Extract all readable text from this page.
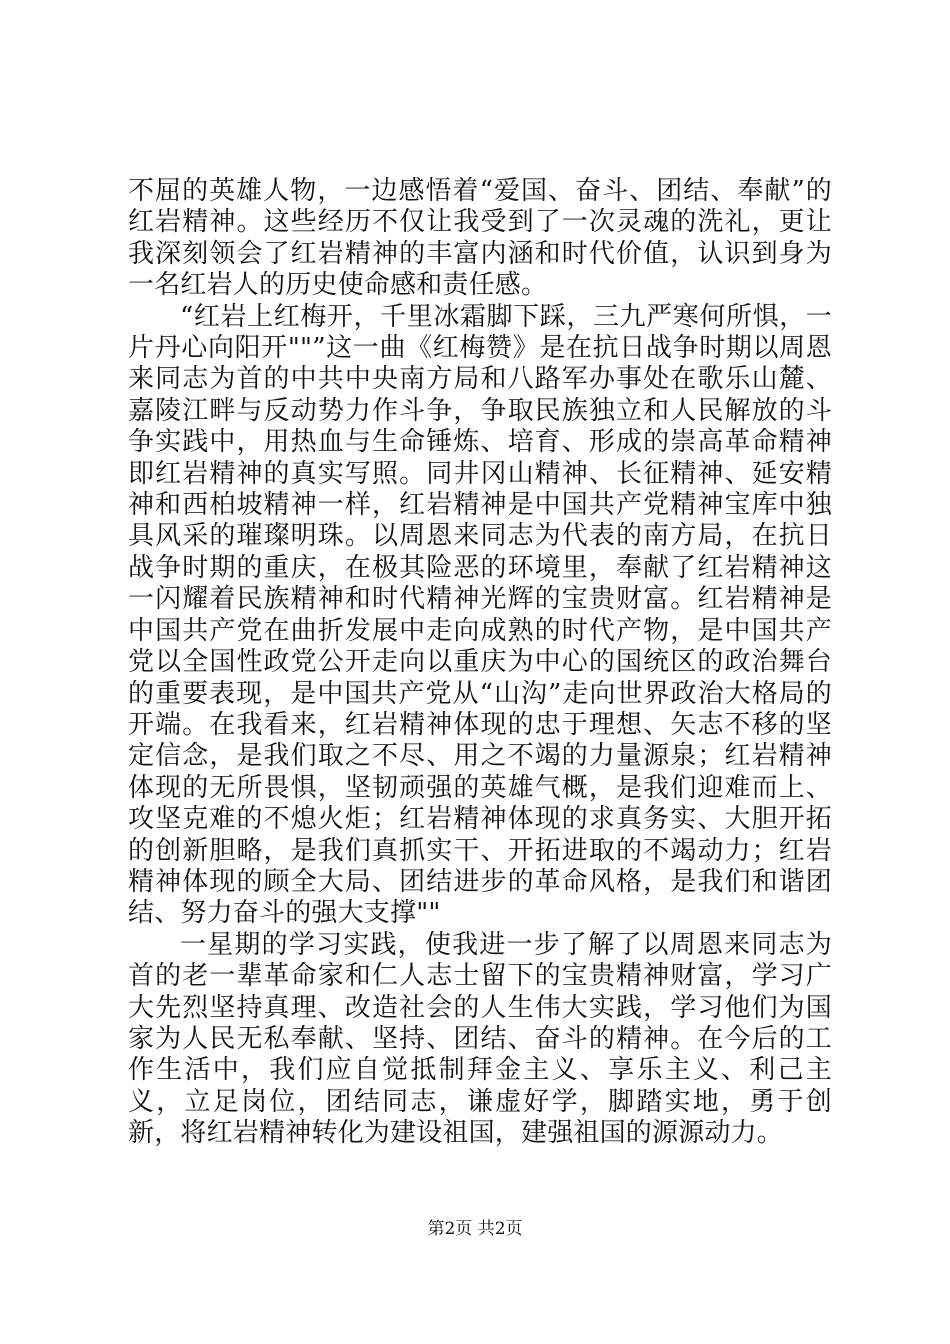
不屈的英雄人物，一边感悟着“爱国、奋斗、团结、奉献”的红岩精神。这些经历不仅让我受到了一次灵魂的洗礼，更让我深刻领会了红岩精神的丰富内涵和时代价值，认识到身为一名红岩人的历史使命感和责任感。

“红岩上红梅开，千里冰霜脚下踩，三九严寒何所惧，一片丹心向阳开""”这一曲《红梅赞》是在抗日战争时期以周恩来同志为首的中共中央南方局和八路军办事处在歌乐山麓、嘉陵江畔与反动势力作斗争，争取民族独立和人民解放的斗争实践中，用热血与生命锤炼、培育、形成的崇高革命精神即红岩精神的真实写照。同井冈山精神、长征精神、延安精神和西柏坡精神一样，红岩精神是中国共产党精神宝库中独具风采的璀璨明珠。以周恩来同志为代表的南方局，在抗日战争时期的重庆，在极其险恶的环境里，奉献了红岩精神这一闪耀着民族精神和时代精神光辉的宝贵财富。红岩精神是中国共产党在曲折发展中走向成熟的时代产物，是中国共产党以全国性政党公开走向以重庆为中心的国统区的政治舞台的重要表现，是中国共产党从“山沟”走向世界政治大格局的开端。在我看来，红岩精神体现的忠于理想、矢志不移的坚定信念，是我们取之不尽、用之不竭的力量源泉；红岩精神体现的无所畏惧，坚韧顽强的英雄气概，是我们迎难而上、攻坚克难的不熄火炬；红岩精神体现的求真务实、大胆开拓的创新胆略，是我们真抓实干、开拓进取的不竭动力；红岩精神体现的顾全大局、团结进步的革命风格，是我们和谐团结、努力奋斗的强大支撑""

一星期的学习实践，使我进一步了解了以周恩来同志为首的老一辈革命家和仁人志士留下的宝贵精神财富，学习广大先烈坚持真理、改造社会的人生伟大实践，学习他们为国家为人民无私奉献、坚持、团结、奋斗的精神。在今后的工作生活中，我们应自觉抵制拜金主义、享乐主义、利己主义，立足岗位，团结同志，谦虚好学，脚踏实地，勇于创新，将红岩精神转化为建设祖国，建强祖国的源源动力。

第2页 共2页
